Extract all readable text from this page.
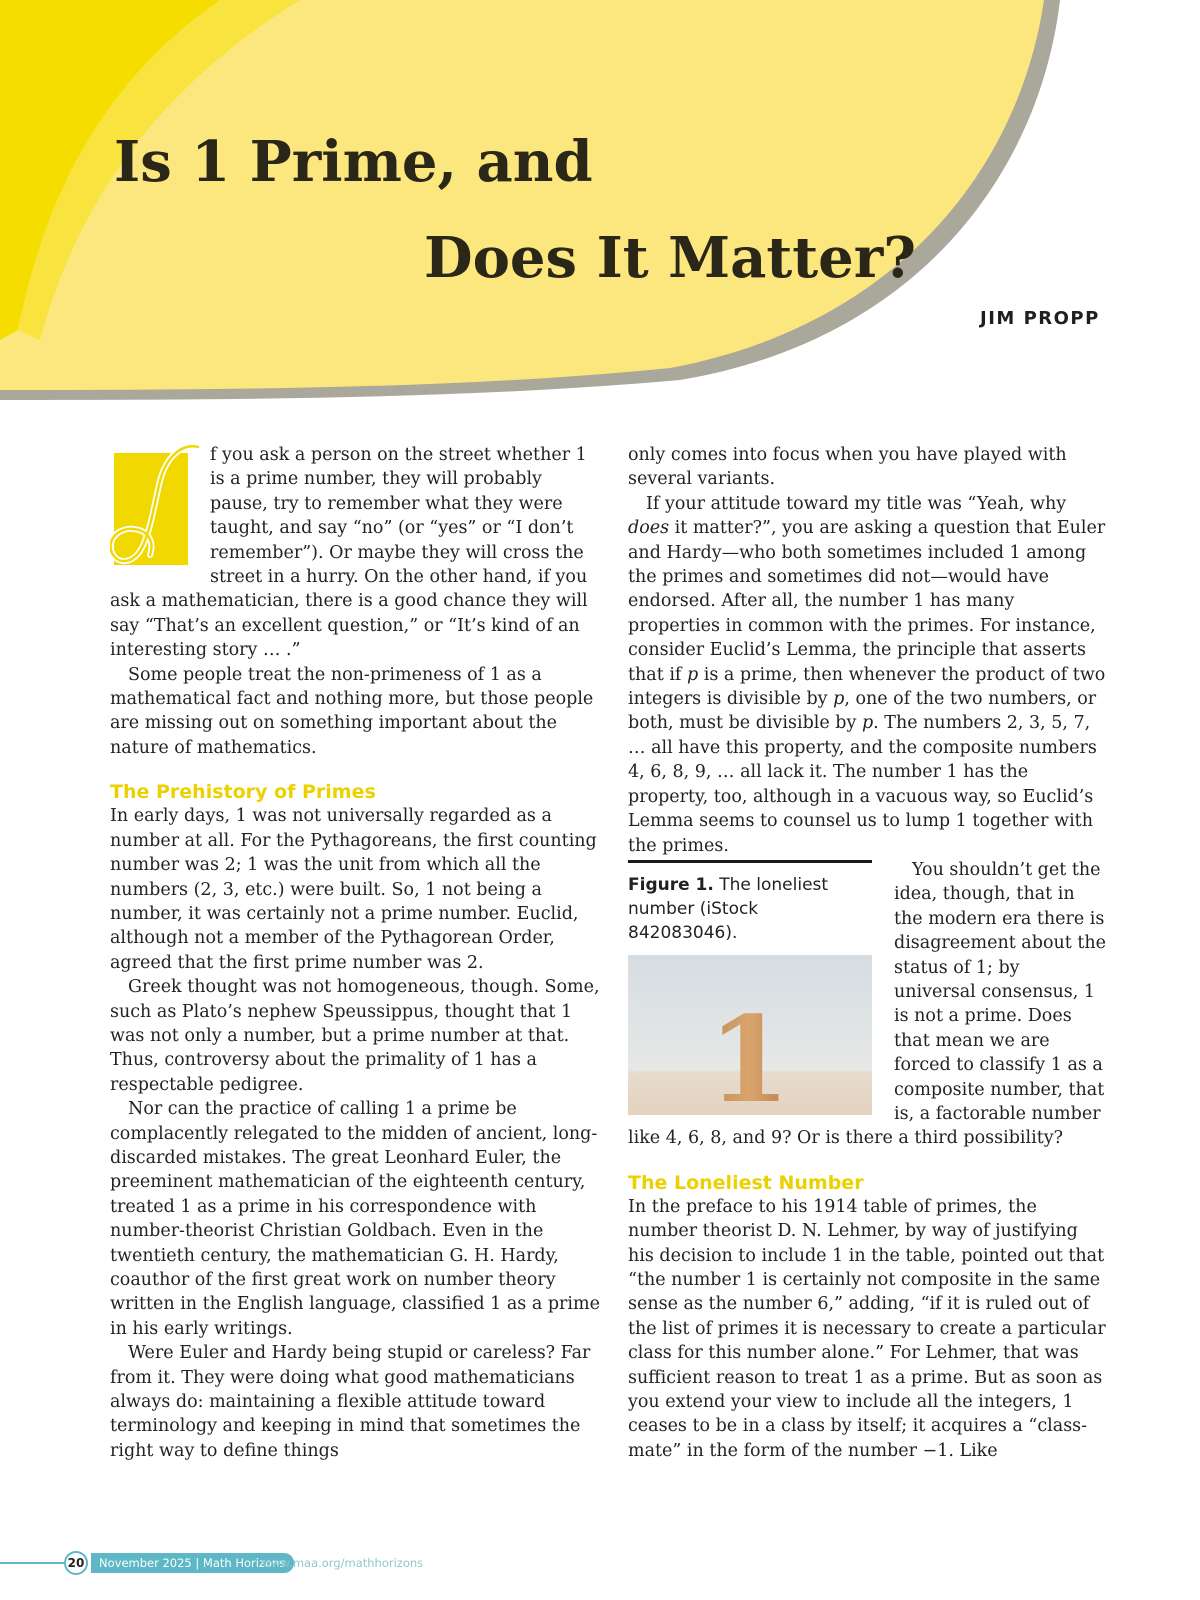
Is 1 Prime, and
Does It Matter?
JIM PROPP

f you ask a person on the street whether 1 is a prime number, they will probably pause, try to remember what they were taught, and say “no” (or “yes” or “I don’t remember”). Or maybe they will cross the street in a hurry. On the other hand, if you ask a mathematician, there is a good chance they will say “That’s an excellent question,” or “It’s kind of an interesting story … .”

Some people treat the non-primeness of 1 as a mathematical fact and nothing more, but those people are missing out on something important about the nature of mathematics.

The Prehistory of Primes

In early days, 1 was not universally regarded as a number at all. For the Pythagoreans, the first counting number was 2; 1 was the unit from which all the numbers (2, 3, etc.) were built. So, 1 not being a number, it was certainly not a prime number. Euclid, although not a member of the Pythagorean Order, agreed that the first prime number was 2.

Greek thought was not homogeneous, though. Some, such as Plato’s nephew Speussippus, thought that 1 was not only a number, but a prime number at that. Thus, controversy about the primality of 1 has a respectable pedigree.

Nor can the practice of calling 1 a prime be complacently relegated to the midden of ancient, long-discarded mistakes. The great Leonhard Euler, the preeminent mathematician of the eighteenth century, treated 1 as a prime in his correspondence with number-theorist Christian Goldbach. Even in the twentieth century, the mathematician G. H. Hardy, coauthor of the first great work on number theory written in the English language, classified 1 as a prime in his early writings.

Were Euler and Hardy being stupid or careless? Far from it. They were doing what good mathematicians always do: maintaining a flexible attitude toward terminology and keeping in mind that sometimes the right way to define things

only comes into focus when you have played with several variants.

If your attitude toward my title was “Yeah, why does it matter?”, you are asking a question that Euler and Hardy—who both sometimes included 1 among the primes and sometimes did not—would have endorsed. After all, the number 1 has many properties in common with the primes. For instance, consider Euclid’s Lemma, the principle that asserts that if p is a prime, then whenever the product of two integers is divisible by p, one of the two numbers, or both, must be divisible by p. The numbers 2, 3, 5, 7, … all have this property, and the composite numbers 4, 6, 8, 9, … all lack it. The number 1 has the property, too, although in a vacuous way, so Euclid’s Lemma seems to counsel us to lump 1 together with the primes.

Figure 1. The loneliest number (iStock 842083046).
1
You shouldn’t get the idea, though, that in the modern era there is disagreement about the status of 1; by universal consensus, 1 is not a prime. Does that mean we are forced to classify 1 as a composite number, that is, a factorable number like 4, 6, 8, and 9? Or is there a third possibility?

The Loneliest Number

In the preface to his 1914 table of primes, the number theorist D. N. Lehmer, by way of justifying his decision to include 1 in the table, pointed out that “the number 1 is certainly not composite in the same sense as the number 6,” adding, “if it is ruled out of the list of primes it is necessary to create a particular class for this number alone.” For Lehmer, that was sufficient reason to treat 1 as a prime. But as soon as you extend your view to include all the integers, 1 ceases to be in a class by itself; it acquires a “class-mate” in the form of the number −1. Like

20	November 2025 | Math Horizons
www.maa.org/mathhorizons
